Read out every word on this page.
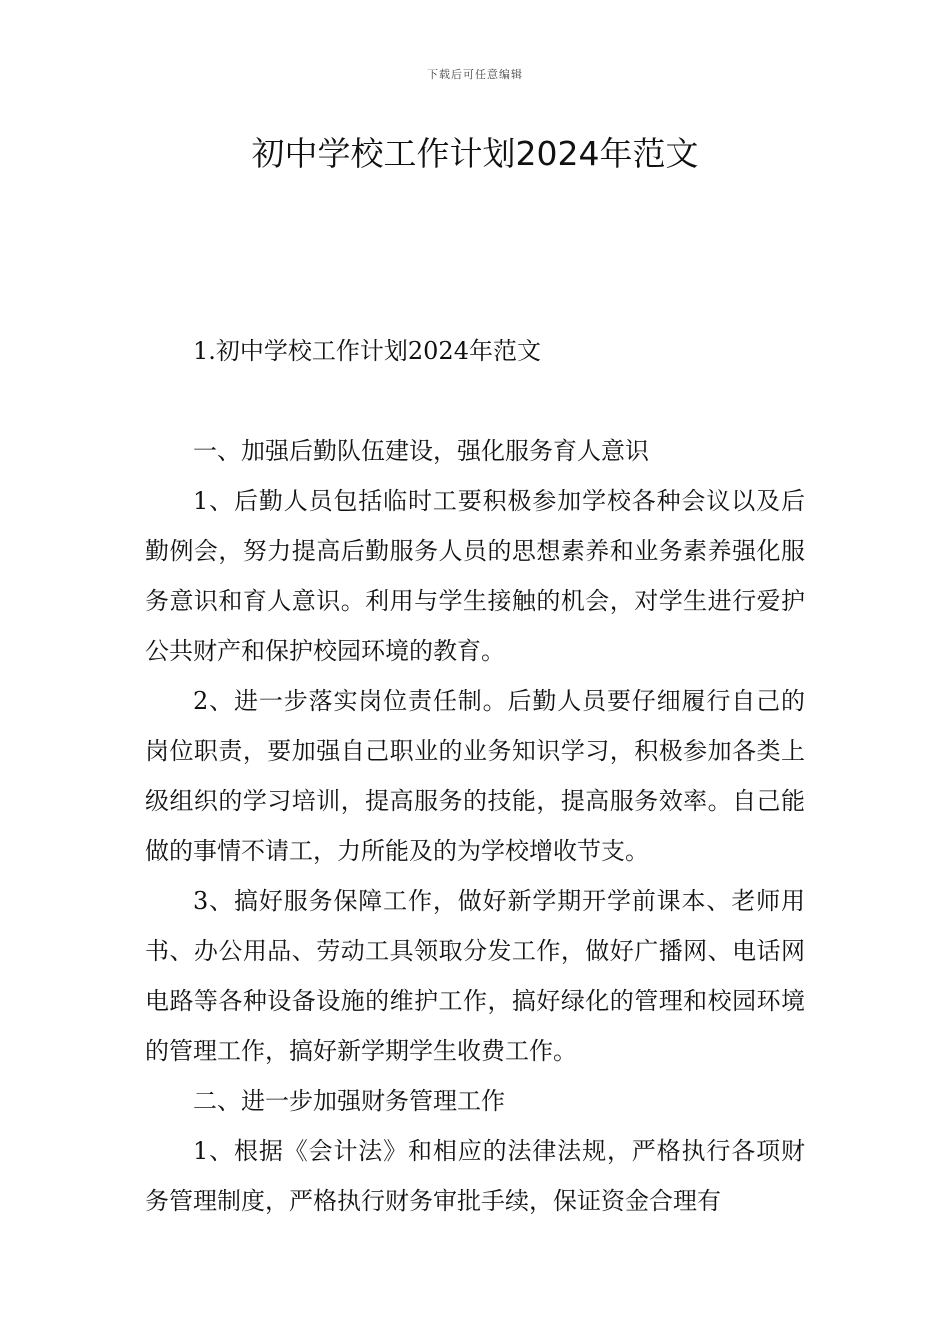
下载后可任意编辑
初中学校工作计划2024年范文

1.初中学校工作计划2024年范文

一、加强后勤队伍建设，强化服务育人意识

1、后勤人员包括临时工要积极参加学校各种会议以及后勤例会，努力提高后勤服务人员的思想素养和业务素养强化服务意识和育人意识。利用与学生接触的机会，对学生进行爱护公共财产和保护校园环境的教育。

2、进一步落实岗位责任制。后勤人员要仔细履行自己的岗位职责，要加强自己职业的业务知识学习，积极参加各类上级组织的学习培训，提高服务的技能，提高服务效率。自己能做的事情不请工，力所能及的为学校增收节支。

3、搞好服务保障工作，做好新学期开学前课本、老师用书、办公用品、劳动工具领取分发工作，做好广播网、电话网电路等各种设备设施的维护工作，搞好绿化的管理和校园环境的管理工作，搞好新学期学生收费工作。

二、进一步加强财务管理工作

1、根据《会计法》和相应的法律法规，严格执行各项财务管理制度，严格执行财务审批手续，保证资金合理有
